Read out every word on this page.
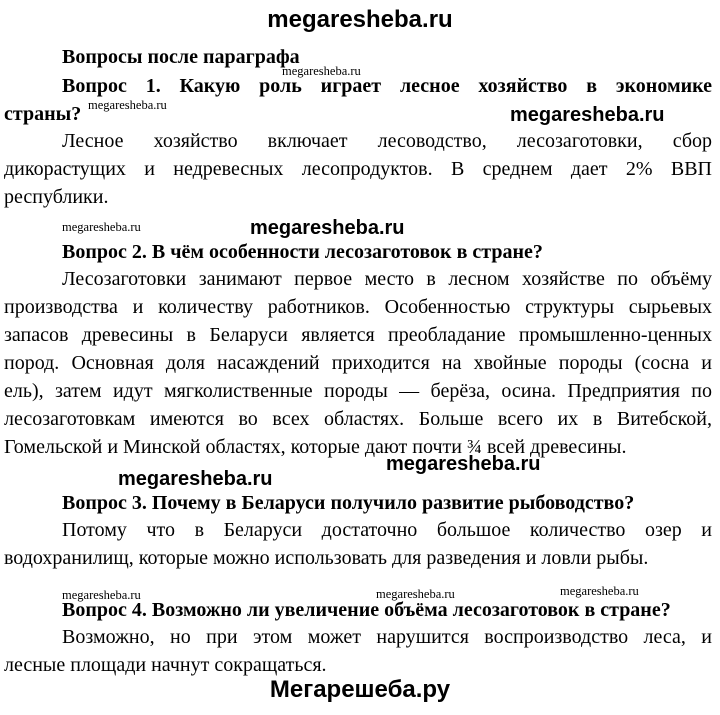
megaresheba.ru
megaresheba.ru
megaresheba.ru	megaresheba.ru
megaresheba.ru	megaresheba.ru
megaresheba.ru
megaresheba.ru
megaresheba.ru	megaresheba.ru
megaresheba.ru
Мегарешеба.ру
Вопросы после параграфа
Вопрос 1. Какую роль играет лесное хозяйство в экономике
страны?
Лесное хозяйство включает лесоводство, лесозаготовки, сбор
дикорастущих и недревесных лесопродуктов. В среднем дает 2% ВВП
республики.
Вопрос 2. В чём особенности лесозаготовок в стране?
Лесозаготовки занимают первое место в лесном хозяйстве по объёму
производства и количеству работников. Особенностью структуры сырьевых
запасов древесины в Беларуси является преобладание промышленно-ценных
пород. Основная доля насаждений приходится на хвойные породы (сосна и
ель), затем идут мягколиственные породы — берёза, осина. Предприятия по
лесозаготовкам имеются во всех областях. Больше всего их в Витебской,
Гомельской и Минской областях, которые дают почти ¾ всей древесины.
Вопрос 3. Почему в Беларуси получило развитие рыбоводство?
Потому что в Беларуси достаточно большое количество озер и
водохранилищ, которые можно использовать для разведения и ловли рыбы.
Вопрос 4. Возможно ли увеличение объёма лесозаготовок в стране?
Возможно, но при этом может нарушится воспроизводство леса, и
лесные площади начнут сокращаться.
